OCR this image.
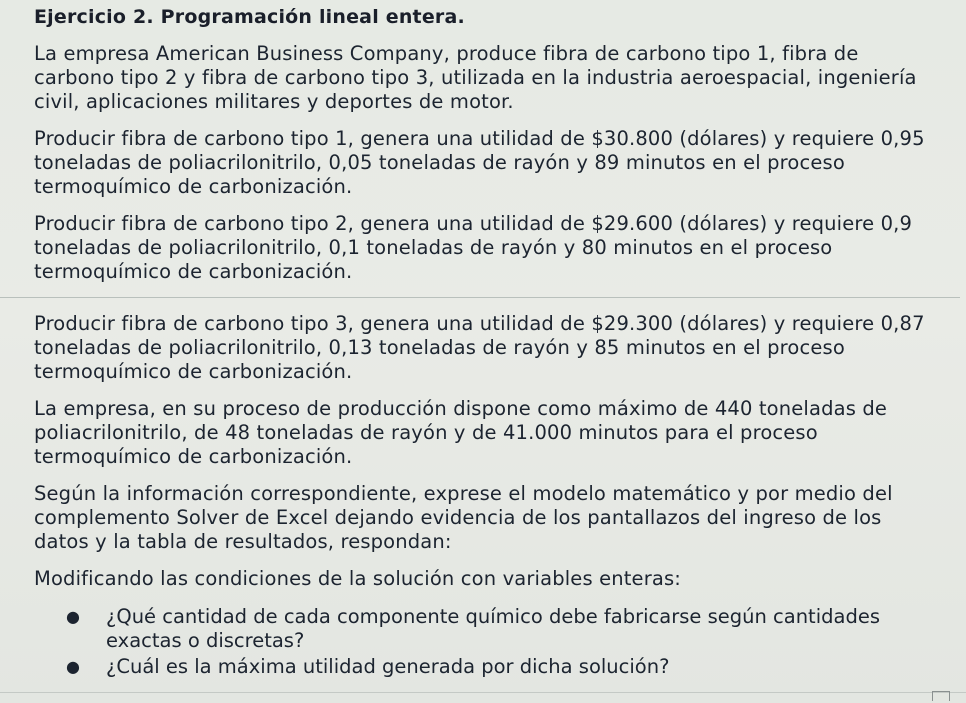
Ejercicio 2. Programación lineal entera.

La empresa American Business Company, produce fibra de carbono tipo 1, fibra de carbono tipo 2 y fibra de carbono tipo 3, utilizada en la industria aeroespacial, ingeniería civil, aplicaciones militares y deportes de motor.

Producir fibra de carbono tipo 1, genera una utilidad de $30.800 (dólares) y requiere 0,95 toneladas de poliacrilonitrilo, 0,05 toneladas de rayón y 89 minutos en el proceso termoquímico de carbonización.

Producir fibra de carbono tipo 2, genera una utilidad de $29.600 (dólares) y requiere 0,9 toneladas de poliacrilonitrilo, 0,1 toneladas de rayón y 80 minutos en el proceso termoquímico de carbonización.

Producir fibra de carbono tipo 3, genera una utilidad de $29.300 (dólares) y requiere 0,87 toneladas de poliacrilonitrilo, 0,13 toneladas de rayón y 85 minutos en el proceso termoquímico de carbonización.

La empresa, en su proceso de producción dispone como máximo de 440 toneladas de poliacrilonitrilo, de 48 toneladas de rayón y de 41.000 minutos para el proceso termoquímico de carbonización.

Según la información correspondiente, exprese el modelo matemático y por medio del complemento Solver de Excel dejando evidencia de los pantallazos del ingreso de los datos y la tabla de resultados, respondan:

Modificando las condiciones de la solución con variables enteras:

●	¿Qué cantidad de cada componente químico debe fabricarse según cantidades exactas o discretas?
●	¿Cuál es la máxima utilidad generada por dicha solución?
